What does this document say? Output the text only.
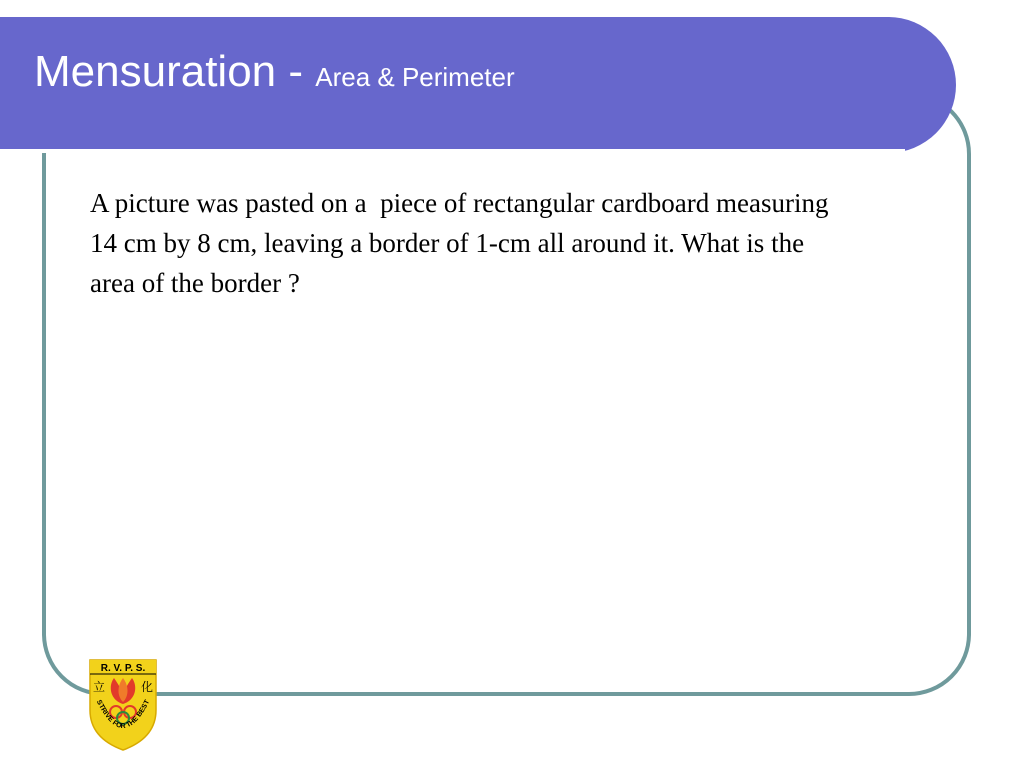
Mensuration - Area & Perimeter

A picture was pasted on a  piece of rectangular cardboard measuring 14 cm by 8 cm, leaving a border of 1-cm all around it. What is the area of the border ?

R. V. P. S.
立	化
STRIVE FOR THE BEST
